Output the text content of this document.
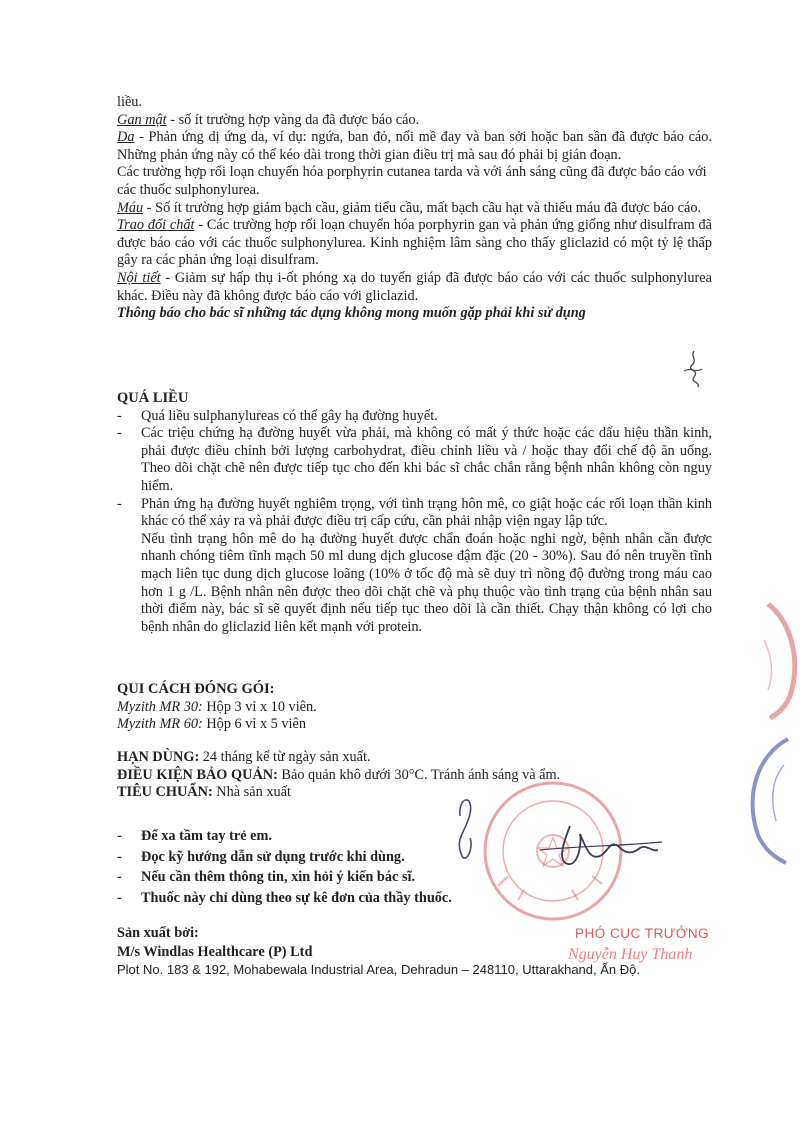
liều.
Gan mật - số ít trường hợp vàng da đã được báo cáo.
Da - Phản ứng dị ứng da, ví dụ: ngứa, ban đỏ, nổi mề đay và ban sởi hoặc ban sần đã được báo cáo. Những phản ứng này có thể kéo dài trong thời gian điều trị mà sau đó phải bị gián đoạn.
Các trường hợp rối loạn chuyển hóa porphyrin cutanea tarda và với ánh sáng cũng đã được báo cáo với các thuốc sulphonylurea.
Máu - Số ít trường hợp giảm bạch cầu, giảm tiểu cầu, mất bạch cầu hạt và thiếu máu đã được báo cáo.
Trao đổi chất - Các trường hợp rối loạn chuyển hóa porphyrin gan và phản ứng giống như disulfram đã được báo cáo với các thuốc sulphonylurea. Kinh nghiệm lâm sàng cho thấy gliclazid có một tỷ lệ thấp gây ra các phản ứng loại disulfram.
Nội tiết - Giảm sự hấp thụ i-ốt phóng xạ do tuyến giáp đã được báo cáo với các thuốc sulphonylurea khác. Điều này đã không được báo cáo với gliclazid.
Thông báo cho bác sĩ những tác dụng không mong muốn gặp phải khi sử dụng
QUÁ LIỀU
- Quá liều sulphanylureas có thể gây hạ đường huyết.
- Các triệu chứng hạ đường huyết vừa phải, mà không có mất ý thức hoặc các dấu hiệu thần kinh, phải được điều chỉnh bởi lượng carbohydrat, điều chỉnh liều và / hoặc thay đổi chế độ ăn uống. Theo dõi chặt chẽ nên được tiếp tục cho đến khi bác sĩ chắc chắn rằng bệnh nhân không còn nguy hiểm.
- Phản ứng hạ đường huyết nghiêm trọng, với tình trạng hôn mê, co giật hoặc các rối loạn thần kinh khác có thể xảy ra và phải được điều trị cấp cứu, cần phải nhập viện ngay lập tức.
Nếu tình trạng hôn mê do hạ đường huyết được chẩn đoán hoặc nghi ngờ, bệnh nhân cần được nhanh chóng tiêm tĩnh mạch 50 ml dung dịch glucose đậm đặc (20 - 30%). Sau đó nên truyền tĩnh mạch liên tục dung dịch glucose loãng (10% ở tốc độ mà sẽ duy trì nồng độ đường trong máu cao hơn 1 g /L. Bệnh nhân nên được theo dõi chặt chẽ và phụ thuộc vào tình trạng của bệnh nhân sau thời điểm này, bác sĩ sẽ quyết định nếu tiếp tục theo dõi là cần thiết. Chạy thận không có lợi cho bệnh nhân do gliclazid liên kết mạnh với protein.
QUI CÁCH ĐÓNG GÓI:
Myzith MR 30: Hộp 3 vỉ x 10 viên.
Myzith MR 60: Hộp 6 vỉ x 5 viên
HẠN DÙNG: 24 tháng kể từ ngày sản xuất.
ĐIỀU KIỆN BẢO QUẢN: Bảo quản khô dưới 30°C. Tránh ánh sáng và ẩm.
TIÊU CHUẨN: Nhà sản xuất
- Để xa tầm tay trẻ em.
- Đọc kỹ hướng dẫn sử dụng trước khi dùng.
- Nếu cần thêm thông tin, xin hỏi ý kiến bác sĩ.
- Thuốc này chỉ dùng theo sự kê đơn của thầy thuốc.
PHÓ CỤC TRƯỞNG
Nguyễn Huy Thanh
Sản xuất bởi:
M/s Windlas Healthcare (P) Ltd
Plot No. 183 & 192, Mohabewala Industrial Area, Dehradun – 248110, Uttarakhand, Ấn Độ.
